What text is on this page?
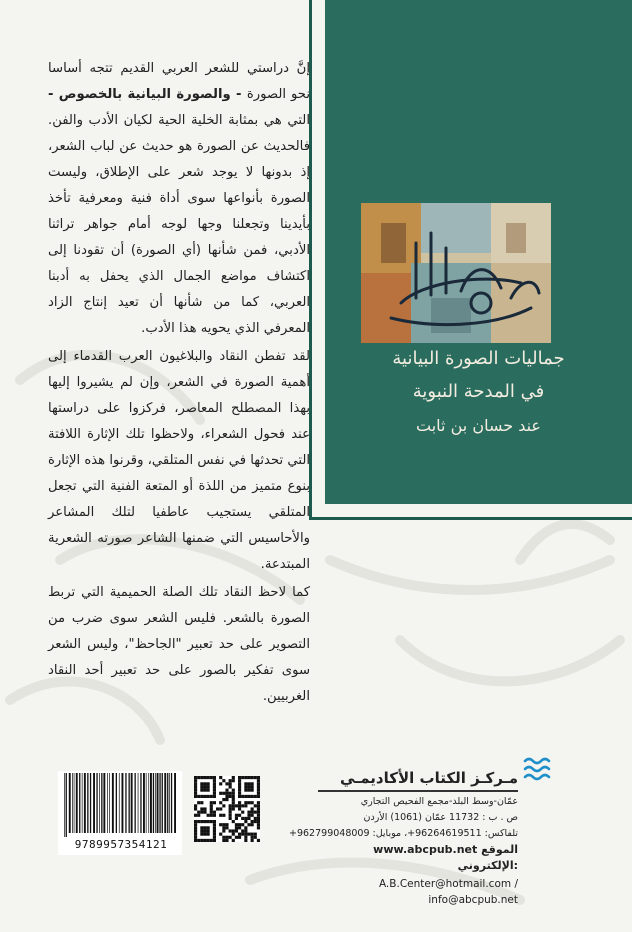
جماليات الصورة البيانية
في المدحة النبوية
عند حسان بن ثابت

إنَّ دراستي للشعر العربي القديم تتجه أساسا نحو الصورة - والصورة البيانية بالخصوص - التي هي بمثابة الخلية الحية لكيان الأدب والفن. فالحديث عن الصورة هو حديث عن لباب الشعر، إذ بدونها لا يوجد شعر على الإطلاق، وليست الصورة بأنواعها سوى أداة فنية ومعرفية تأخذ بأيدينا وتجعلنا وجها لوجه أمام جواهر تراثنا الأدبي، فمن شأنها (أي الصورة) أن تقودنا إلى اكتشاف مواضع الجمال الذي يحفل به أدبنا العربي، كما من شأنها أن تعيد إنتاج الزاد المعرفي الذي يحويه هذا الأدب.

لقد تفطن النقاد والبلاغيون العرب القدماء إلى أهمية الصورة في الشعر، وإن لم يشيروا إليها بهذا المصطلح المعاصر، فركزوا على دراستها عند فحول الشعراء، ولاحظوا تلك الإثارة اللافتة التي تحدثها في نفس المتلقي، وقرنوا هذه الإثارة بنوع متميز من اللذة أو المتعة الفنية التي تجعل المتلقي يستجيب عاطفيا لتلك المشاعر والأحاسيس التي ضمنها الشاعر صورته الشعرية المبتدعة.

كما لاحظ النقاد تلك الصلة الحميمية التي تربط الصورة بالشعر. فليس الشعر سوى ضرب من التصوير على حد تعبير "الجاحظ"، وليس الشعر سوى تفكير بالصور على حد تعبير أحد النقاد الغربيين.

مـركـز الكتاب الأكاديمـي
عمّان-وسط البلد-مجمع الفحيص التجاري
ص . ب : 11732 عمّان (1061) الأردن
تلفاكس: 96264619511+، موبايل: 962799048009+
www.abcpub.net الموقع الإلكتروني:
A.B.Center@hotmail.com / info@abcpub.net
9789957354121
